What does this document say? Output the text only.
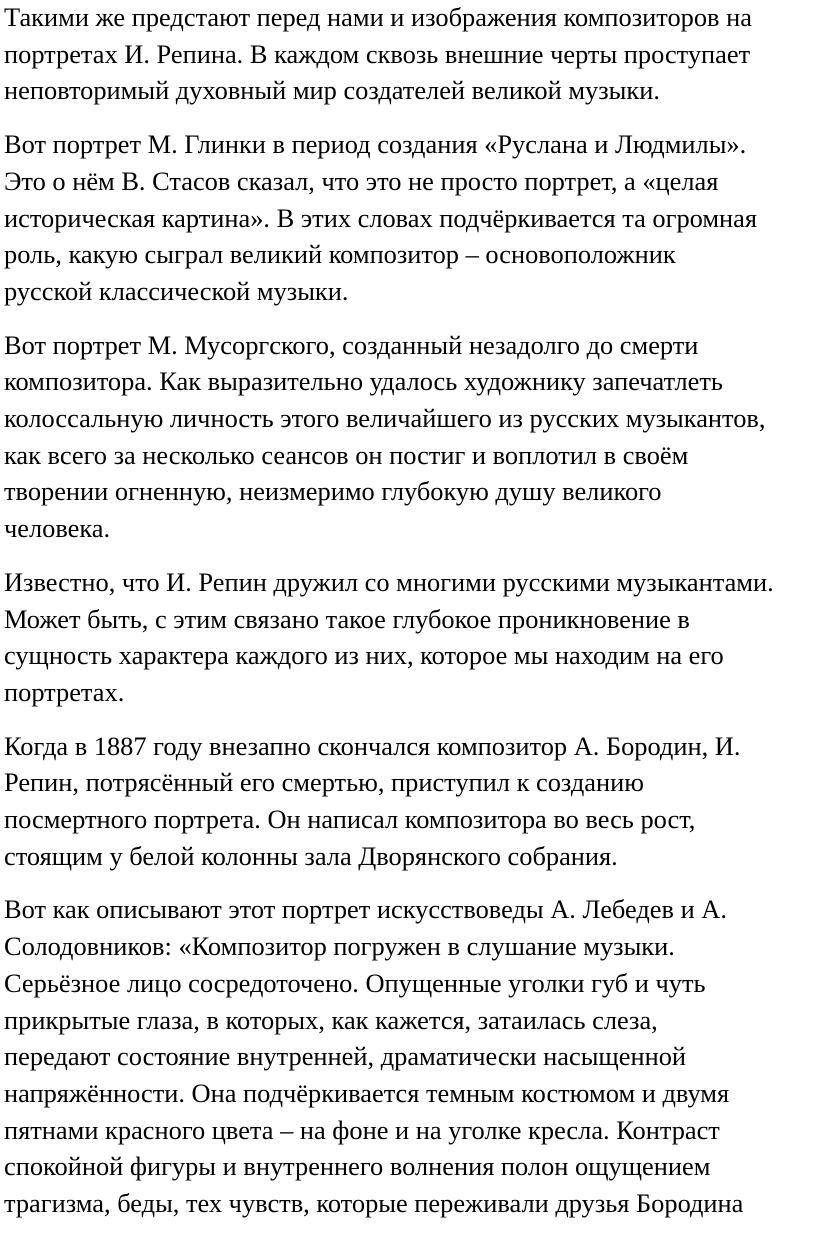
Такими же предстают перед нами и изображения композиторов на
портретах И. Репина. В каждом сквозь внешние черты проступает
неповторимый духовный мир создателей великой музыки.

Вот портрет М. Глинки в период создания «Руслана и Людмилы».
Это о нём В. Стасов сказал, что это не просто портрет, а «целая
историческая картина». В этих словах подчёркивается та огромная
роль, какую сыграл великий композитор – основоположник
русской классической музыки.

Вот портрет М. Мусоргского, созданный незадолго до смерти
композитора. Как выразительно удалось художнику запечатлеть
колоссальную личность этого величайшего из русских музыкантов,
как всего за несколько сеансов он постиг и воплотил в своём
творении огненную, неизмеримо глубокую душу великого
человека.

Известно, что И. Репин дружил со многими русскими музыкантами.
Может быть, с этим связано такое глубокое проникновение в
сущность характера каждого из них, которое мы находим на его
портретах.

Когда в 1887 году внезапно скончался композитор А. Бородин, И.
Репин, потрясённый его смертью, приступил к созданию
посмертного портрета. Он написал композитора во весь рост,
стоящим у белой колонны зала Дворянского собрания.

Вот как описывают этот портрет искусствоведы А. Лебедев и А.
Солодовников: «Композитор погружен в слушание музыки.
Серьёзное лицо сосредоточено. Опущенные уголки губ и чуть
прикрытые глаза, в которых, как кажется, затаилась слеза,
передают состояние внутренней, драматически насыщенной
напряжённости. Она подчёркивается темным костюмом и двумя
пятнами красного цвета – на фоне и на уголке кресла. Контраст
спокойной фигуры и внутреннего волнения полон ощущением
трагизма, беды, тех чувств, которые переживали друзья Бородина
